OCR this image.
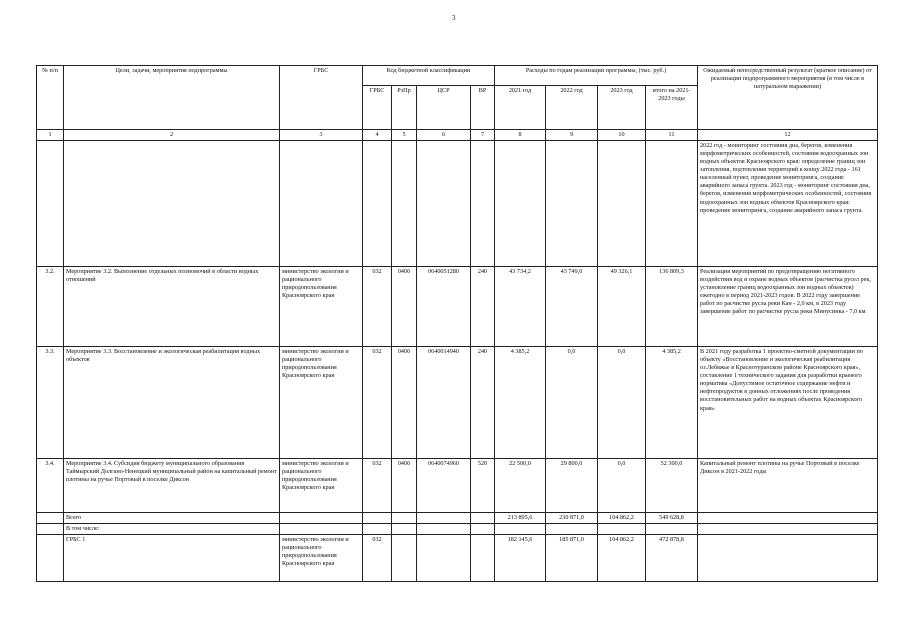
3
№ п/п	Цели, задачи, мероприятия подпрограммы	ГРБС	Код бюджетной классификации				Расходы по годам реализации программы, (тыс. руб.)				Ожидаемый непосредственный результат (краткое описание) от реализации подпрограммного мероприятия (в том числе в натуральном выражении)
			ГРБС	РзПр	ЦСР	ВР	2021 год	2022 год	2023 год	итого на 2021-2023 годы	
1	2	3	4	5	6	7	8	9	10	11	12
											2022 год - мониторинг состояния дна, берегов, изменения морфометрических особенностей, состояния водоохранных зон водных объектов Красноярского края: определение границ зон затопления, подтопления территорий к концу 2022 года - 161 населенный пункт, проведение мониторинга, создание аварийного запаса грунта. 2023 год - мониторинг состояния дна, берегов, изменения морфометрических особенностей, состояния водоохранных зон водных объектов Красноярского края: проведение мониторинга, создание аварийного запаса грунта.
3.2.	Мероприятие 3.2. Выполнение отдельных полномочий в области водных отношений	министерство экологии и рационального природопользования Красноярского края	032	0406	0640051280	240	43 734,2	43 749,0	49 326,1	136 809,3	Реализация мероприятий по предотвращению негативного воздействия вод и охране водных объектов (расчистка русел рек, установление границ водоохранных зон водных объектов) ежегодно в период 2021-2023 годов. В 2022 году завершение работ по расчистке русла реки Кан - 2,0 км, в 2023 году завершение работ по расчистке русла реки Минусинка - 7,0 км
3.3.	Мероприятие 3.3. Восстановление и экологическая реабилитация водных объектов	министерство экологии и рационального природопользования Красноярского края	032	0406	0640014940	240	4 385,2	0,0	0,0	4 385,2	В 2021 году разработка 1 проектно-сметной документации по объекту «Восстановление и экологическая реабилитация оз.Лебяжье в Краснотуранском районе Красноярского края», составление 1 технического задания для разработки краевого норматива «Допустимое остаточное содержание нефти и нефтепродуктов в донных отложениях после проведения восстановительных работ на водных объектах Красноярского края»
3.4.	Мероприятие 3.4. Субсидия бюджету муниципального образования Таймырский Долгано-Ненецкий муниципальный район на капитальный ремонт плотины на ручье Портовый в поселке Диксон	министерство экологии и рационального природопользования Красноярского края	032	0406	0640074960	520	22 500,0	29 800,0	0,0	52 300,0	Капитальный ремонт плотины на ручье Портовый в поселке Диксон в 2021-2022 годы
	Всего						213 895,6	230 871,0	104 862,2	549 628,8	
	В том числе:										
	ГРБС 1	министерство экологии и рационального природопользования Красноярского края	032				182 145,6	185 871,0	104 862,2	472 878,8	
